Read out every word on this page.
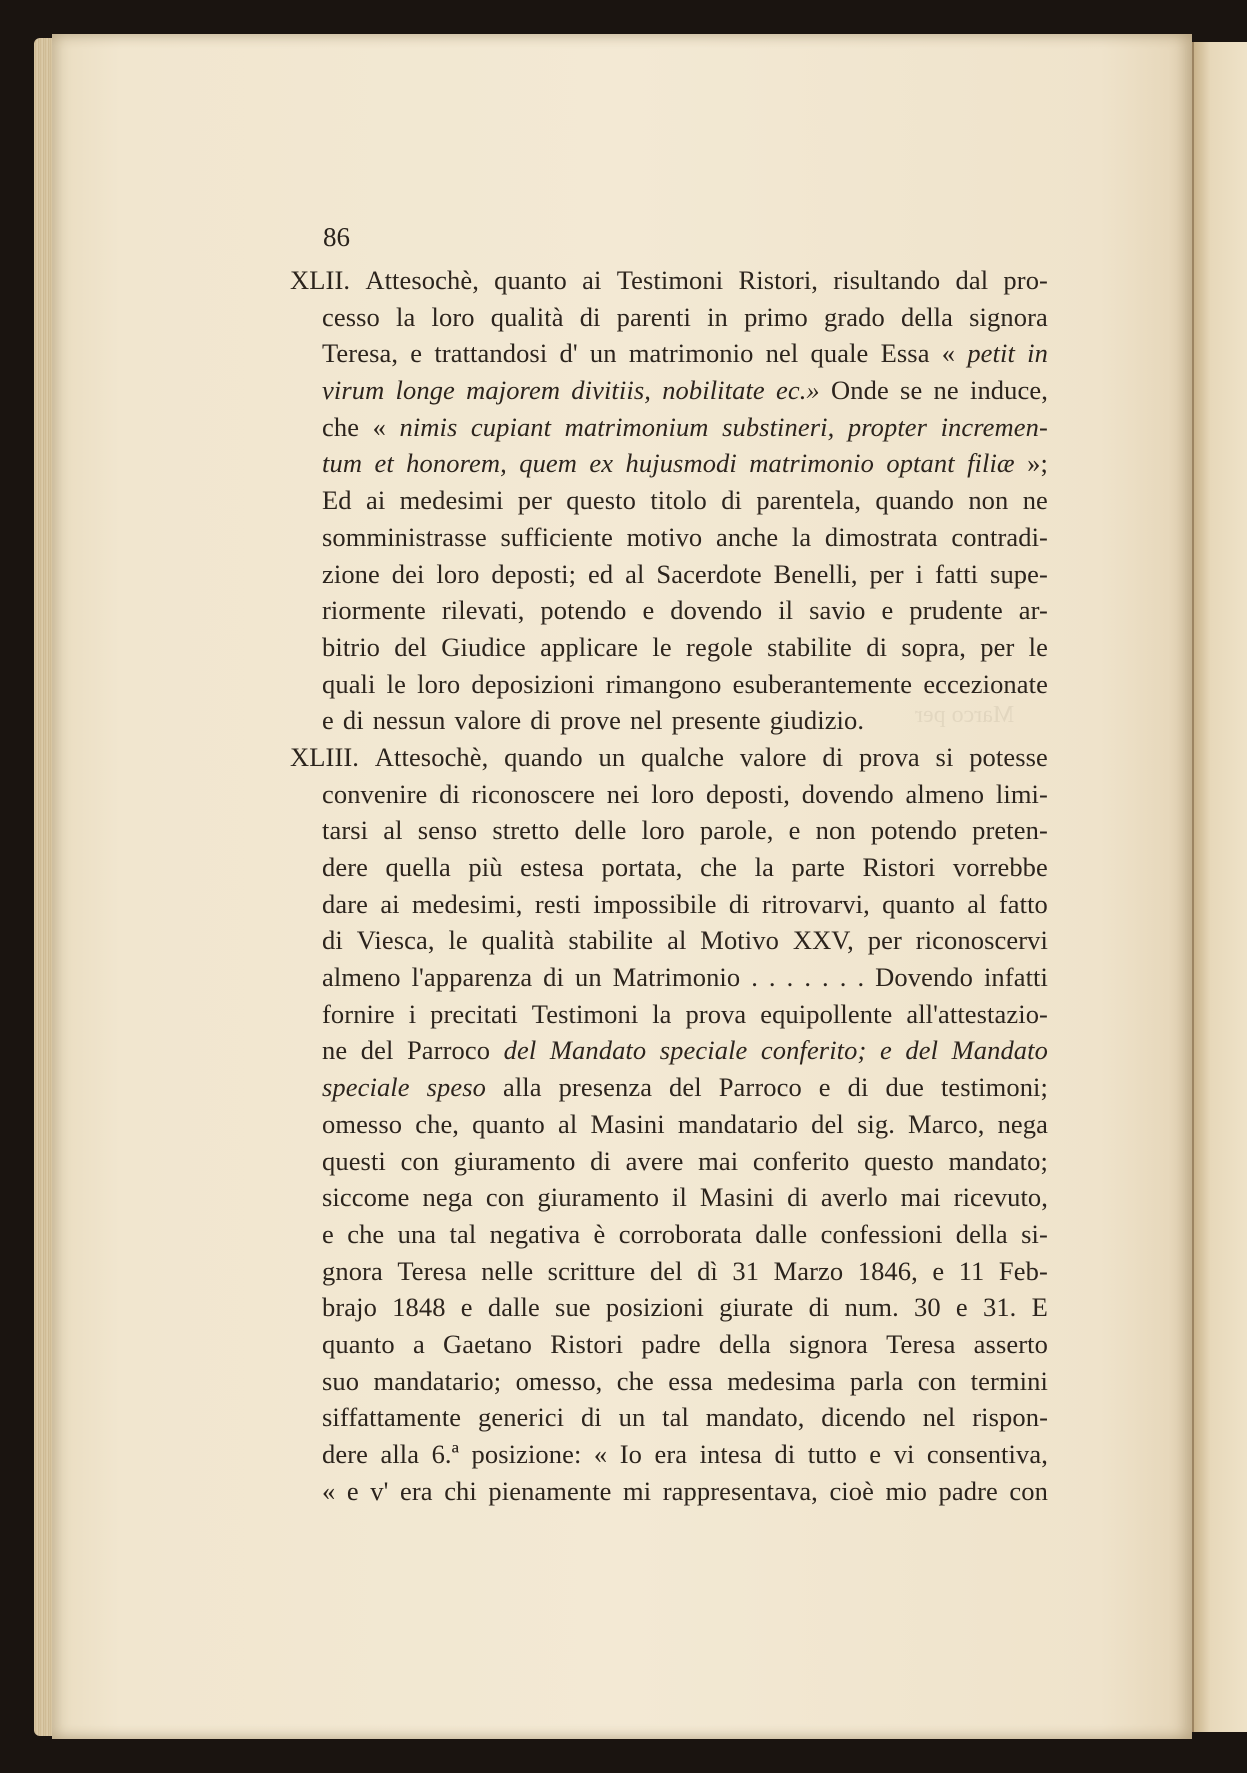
Marco per
86
XLII. Attesochè, quanto ai Testimoni Ristori, risultando dal pro-
cesso la loro qualità di parenti in primo grado della signora
Teresa, e trattandosi d' un matrimonio nel quale Essa « petit in
virum longe majorem divitiis, nobilitate ec.» Onde se ne induce,
che « nimis cupiant matrimonium substineri, propter incremen-
tum et honorem, quem ex hujusmodi matrimonio optant filiæ »;
Ed ai medesimi per questo titolo di parentela, quando non ne
somministrasse sufficiente motivo anche la dimostrata contradi-
zione dei loro deposti; ed al Sacerdote Benelli, per i fatti supe-
riormente rilevati, potendo e dovendo il savio e prudente ar-
bitrio del Giudice applicare le regole stabilite di sopra, per le
quali le loro deposizioni rimangono esuberantemente eccezionate
e di nessun valore di prove nel presente giudizio.
XLIII. Attesochè, quando un qualche valore di prova si potesse
convenire di riconoscere nei loro deposti, dovendo almeno limi-
tarsi al senso stretto delle loro parole, e non potendo preten-
dere quella più estesa portata, che la parte Ristori vorrebbe
dare ai medesimi, resti impossibile di ritrovarvi, quanto al fatto
di Viesca, le qualità stabilite al Motivo XXV, per riconoscervi
almeno l'apparenza di un Matrimonio . . . . . . . Dovendo infatti
fornire i precitati Testimoni la prova equipollente all'attestazio-
ne del Parroco del Mandato speciale conferito; e del Mandato
speciale speso alla presenza del Parroco e di due testimoni;
omesso che, quanto al Masini mandatario del sig. Marco, nega
questi con giuramento di avere mai conferito questo mandato;
siccome nega con giuramento il Masini di averlo mai ricevuto,
e che una tal negativa è corroborata dalle confessioni della si-
gnora Teresa nelle scritture del dì 31 Marzo 1846, e 11 Feb-
brajo 1848 e dalle sue posizioni giurate di num. 30 e 31. E
quanto a Gaetano Ristori padre della signora Teresa asserto
suo mandatario; omesso, che essa medesima parla con termini
siffattamente generici di un tal mandato, dicendo nel rispon-
dere alla 6.ª posizione: « Io era intesa di tutto e vi consentiva,
« e v' era chi pienamente mi rappresentava, cioè mio padre con
